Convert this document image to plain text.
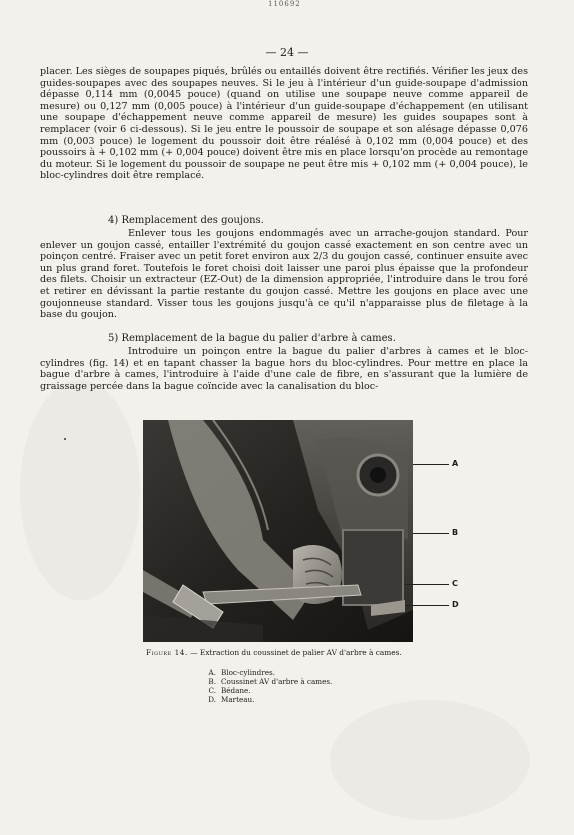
110692
— 24 —
placer. Les sièges de soupapes piqués, brûlés ou entaillés doivent être rectifiés. Vérifier les jeux des guides-soupapes avec des soupapes neuves. Si le jeu à l'intérieur d'un guide-soupape d'admission dépasse 0,114 mm (0,0045 pouce) (quand on utilise une soupape neuve comme appareil de mesure) ou 0,127 mm (0,005 pouce) à l'intérieur d'un guide-soupape d'échappement (en utilisant une soupape d'échappement neuve comme appareil de mesure) les guides soupapes sont à remplacer (voir 6 ci-dessous). Si le jeu entre le poussoir de soupape et son alésage dépasse 0,076 mm (0,003 pouce) le logement du poussoir doit être réalésé à 0,102 mm (0,004 pouce) et des poussoirs à + 0,102 mm (+ 0,004 pouce) doivent être mis en place lorsqu'on procède au remontage du moteur. Si le logement du poussoir de soupape ne peut être mis + 0,102 mm (+ 0,004 pouce), le bloc-cylindres doit être remplacé.
4) Remplacement des goujons.
Enlever tous les goujons endommagés avec un arrache-goujon standard. Pour enlever un goujon cassé, entailler l'extrémité du goujon cassé exactement en son centre avec un poinçon centré. Fraiser avec un petit foret environ aux 2/3 du goujon cassé, continuer ensuite avec un plus grand foret. Toutefois le foret choisi doit laisser une paroi plus épaisse que la profondeur des filets. Choisir un extracteur (EZ-Out) de la dimension appropriée, l'introduire dans le trou foré et retirer en dévissant la partie restante du goujon cassé. Mettre les goujons en place avec une goujonneuse standard. Visser tous les goujons jusqu'à ce qu'il n'apparaisse plus de filetage à la base du goujon.
5) Remplacement de la bague du palier d'arbre à cames.
Introduire un poinçon entre la bague du palier d'arbres à cames et le bloc-cylindres (fig. 14) et en tapant chasser la bague hors du bloc-cylindres. Pour mettre en place la bague d'arbre à cames, l'introduire à l'aide d'une cale de fibre, en s'assurant que la lumière de graissage percée dans la bague coïncide avec la canalisation du bloc-
A
B
C
D
Figure 14. — Extraction du coussinet de palier AV d'arbre à cames.
A. Bloc-cylindres.
B. Coussinet AV d'arbre à cames.
C. Bédane.
D. Marteau.
